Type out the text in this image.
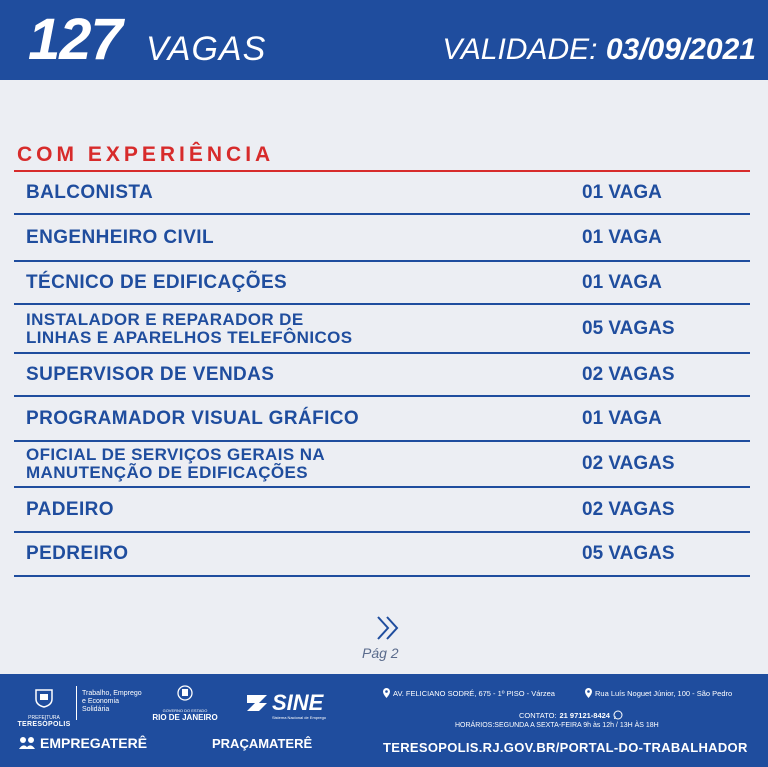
127 VAGAS	VALIDADE: 03/09/2021
COM EXPERIÊNCIA
BALCONISTA	01 VAGA
ENGENHEIRO CIVIL	01 VAGA
TÉCNICO DE EDIFICAÇÕES	01 VAGA
INSTALADOR E REPARADOR DE
LINHAS E APARELHOS TELEFÔNICOS	05 VAGAS
SUPERVISOR DE VENDAS	02 VAGAS
PROGRAMADOR VISUAL GRÁFICO	01 VAGA
OFICIAL DE SERVIÇOS GERAIS NA
MANUTENÇÃO DE EDIFICAÇÕES	02 VAGAS
PADEIRO	02 VAGAS
PEDREIRO	05 VAGAS
Pág 2
PREFEITURA
TERESÓPOLIS
Trabalho, Emprego
e Economia
Solidária	GOVERNO DO ESTADO
RIO DE JANEIRO
SINE
Sistema Nacional de Emprego
EMPREGATERÊ	PRAÇAMATERÊ
AV. FELICIANO SODRÉ, 675 - 1º PISO - Várzea	Rua Luís Noguet Júnior, 100 - São Pedro
CONTATO: 21 97121-8424
HORÁRIOS:SEGUNDA A SEXTA-FEIRA 9h às 12h / 13H ÀS 18H
TERESOPOLIS.RJ.GOV.BR/PORTAL-DO-TRABALHADOR
